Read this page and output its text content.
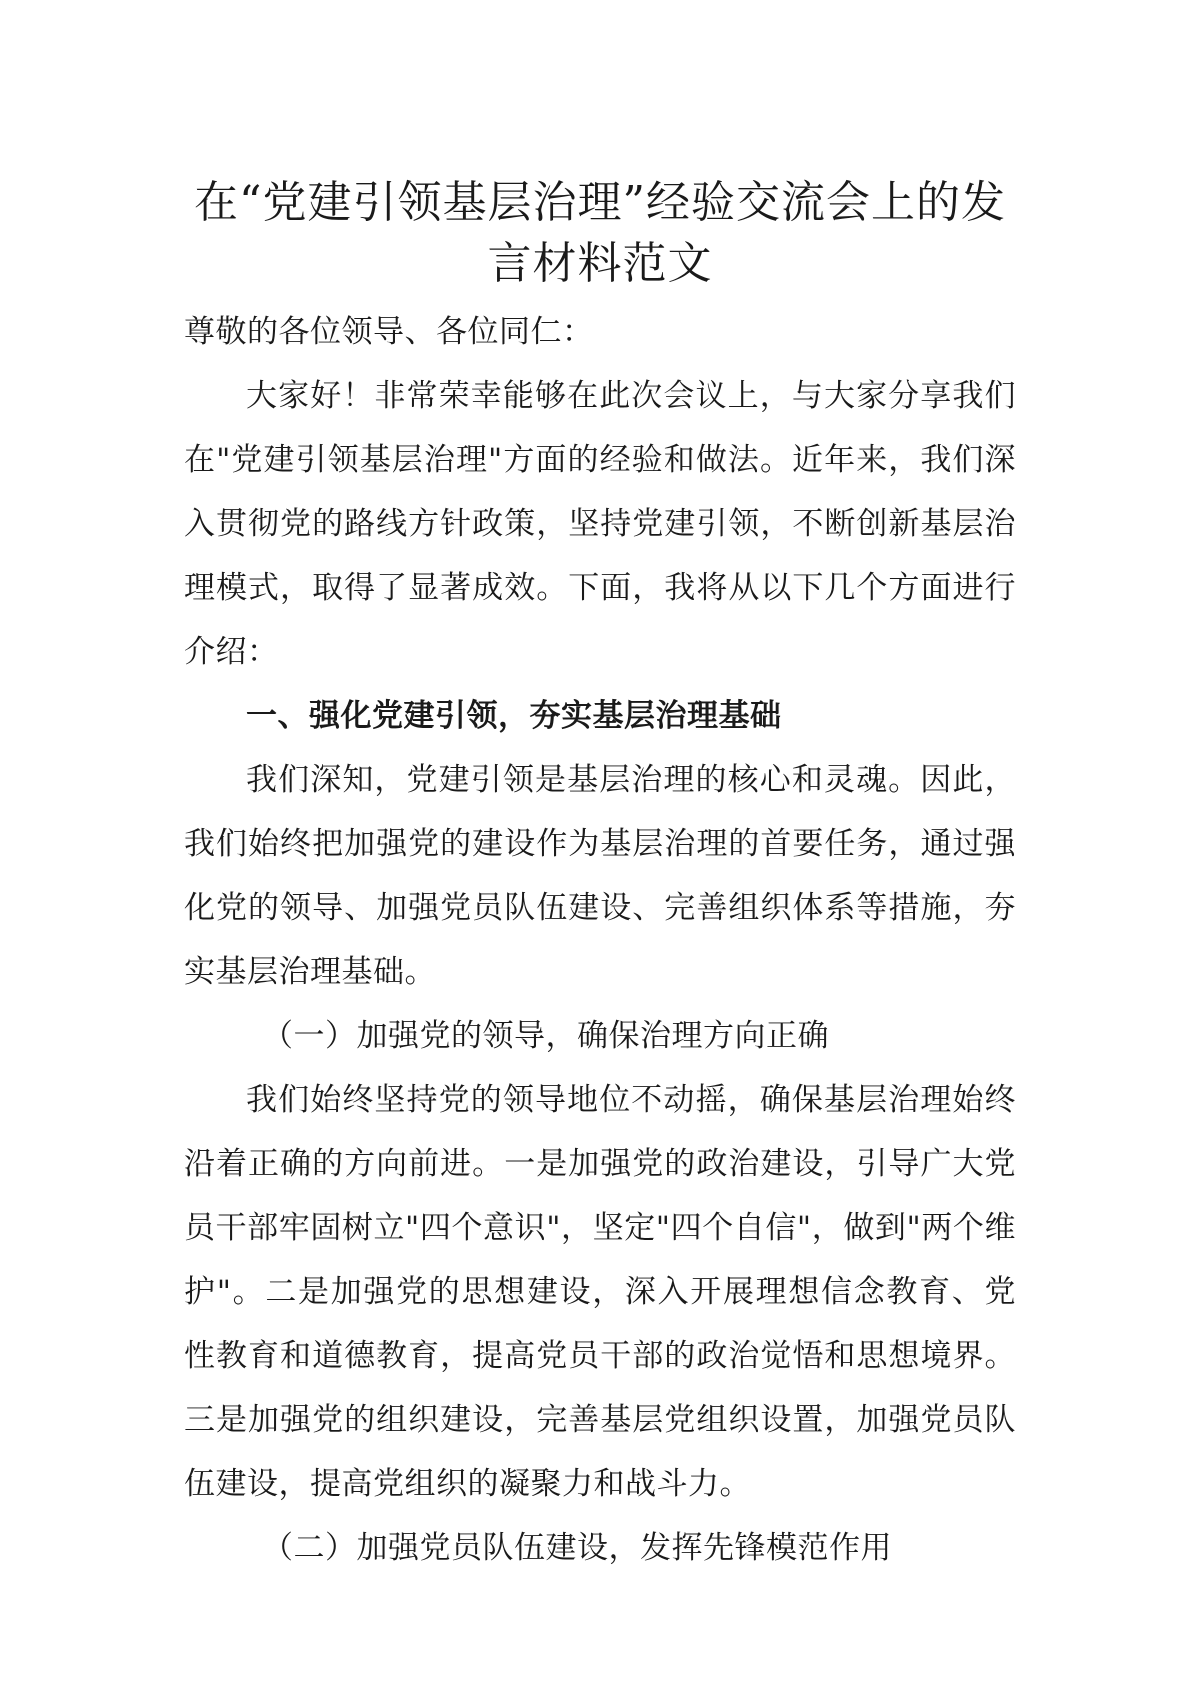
在“党建引领基层治理”经验交流会上的发言材料范文

尊敬的各位领导、各位同仁：

大家好！非常荣幸能够在此次会议上，与大家分享我们在"党建引领基层治理"方面的经验和做法。近年来，我们深入贯彻党的路线方针政策，坚持党建引领，不断创新基层治理模式，取得了显著成效。下面，我将从以下几个方面进行介绍：

一、强化党建引领，夯实基层治理基础

我们深知，党建引领是基层治理的核心和灵魂。因此，我们始终把加强党的建设作为基层治理的首要任务，通过强化党的领导、加强党员队伍建设、完善组织体系等措施，夯实基层治理基础。

（一）加强党的领导，确保治理方向正确

我们始终坚持党的领导地位不动摇，确保基层治理始终沿着正确的方向前进。一是加强党的政治建设，引导广大党员干部牢固树立"四个意识"，坚定"四个自信"，做到"两个维护"。二是加强党的思想建设，深入开展理想信念教育、党性教育和道德教育，提高党员干部的政治觉悟和思想境界。三是加强党的组织建设，完善基层党组织设置，加强党员队伍建设，提高党组织的凝聚力和战斗力。

（二）加强党员队伍建设，发挥先锋模范作用
